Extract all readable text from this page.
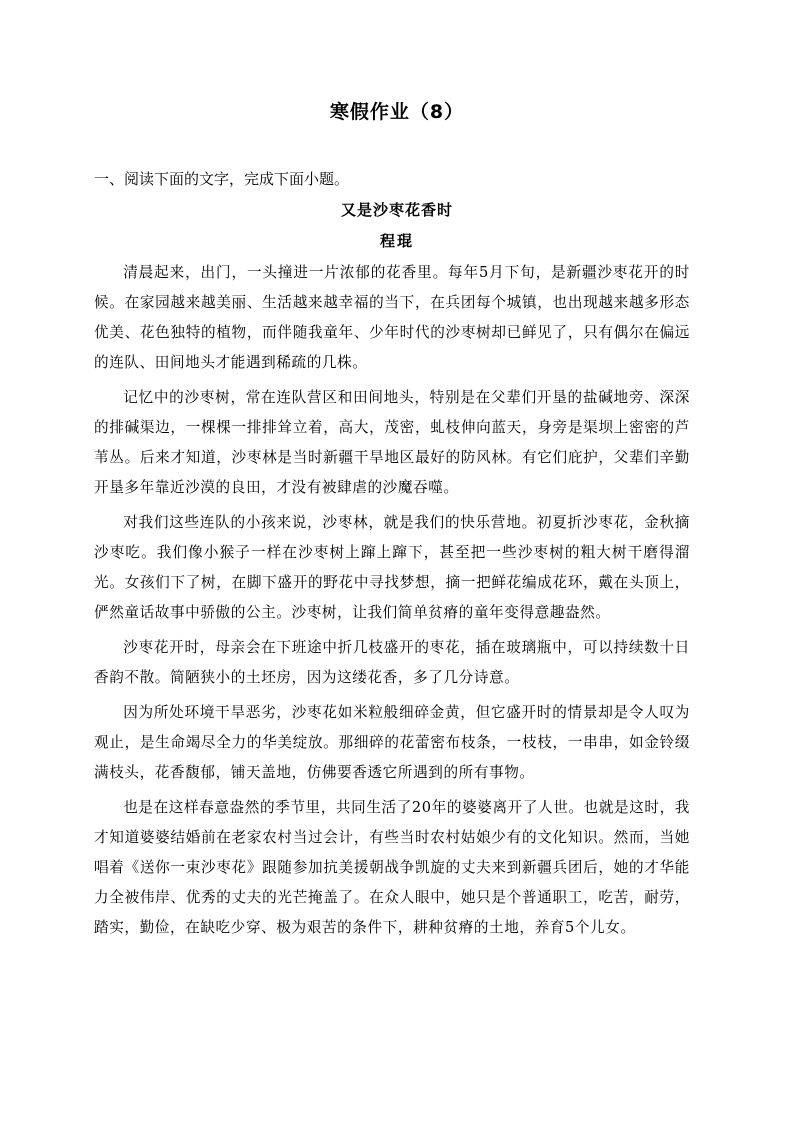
寒假作业（8）
一、阅读下面的文字，完成下面小题。
又是沙枣花香时
程琨

清晨起来，出门，一头撞进一片浓郁的花香里。每年5月下旬，是新疆沙枣花开的时候。在家园越来越美丽、生活越来越幸福的当下，在兵团每个城镇，也出现越来越多形态优美、花色独特的植物，而伴随我童年、少年时代的沙枣树却已鲜见了，只有偶尔在偏远的连队、田间地头才能遇到稀疏的几株。

记忆中的沙枣树，常在连队营区和田间地头，特别是在父辈们开垦的盐碱地旁、深深的排碱渠边，一棵棵一排排耸立着，高大，茂密，虬枝伸向蓝天，身旁是渠坝上密密的芦苇丛。后来才知道，沙枣林是当时新疆干旱地区最好的防风林。有它们庇护，父辈们辛勤开垦多年靠近沙漠的良田，才没有被肆虐的沙魔吞噬。

对我们这些连队的小孩来说，沙枣林，就是我们的快乐营地。初夏折沙枣花，金秋摘沙枣吃。我们像小猴子一样在沙枣树上蹿上蹿下，甚至把一些沙枣树的粗大树干磨得溜光。女孩们下了树，在脚下盛开的野花中寻找梦想，摘一把鲜花编成花环，戴在头顶上，俨然童话故事中骄傲的公主。沙枣树，让我们简单贫瘠的童年变得意趣盎然。

沙枣花开时，母亲会在下班途中折几枝盛开的枣花，插在玻璃瓶中，可以持续数十日香韵不散。简陋狭小的土坯房，因为这缕花香，多了几分诗意。

因为所处环境干旱恶劣，沙枣花如米粒般细碎金黄，但它盛开时的情景却是令人叹为观止，是生命竭尽全力的华美绽放。那细碎的花蕾密布枝条，一枝枝，一串串，如金铃缀满枝头，花香馥郁，铺天盖地，仿佛要香透它所遇到的所有事物。

也是在这样春意盎然的季节里，共同生活了20年的婆婆离开了人世。也就是这时，我才知道婆婆结婚前在老家农村当过会计，有些当时农村姑娘少有的文化知识。然而，当她唱着《送你一束沙枣花》跟随参加抗美援朝战争凯旋的丈夫来到新疆兵团后，她的才华能力全被伟岸、优秀的丈夫的光芒掩盖了。在众人眼中，她只是个普通职工，吃苦，耐劳，踏实，勤俭，在缺吃少穿、极为艰苦的条件下，耕种贫瘠的土地，养育5个儿女。
